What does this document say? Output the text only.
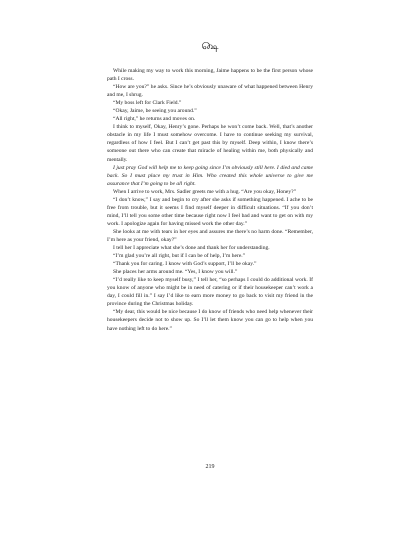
௸

While making my way to work this morning, Jaime happens to be the first person whose path I cross.

“How are you?” he asks. Since he’s obviously unaware of what happened between Henry and me, I shrug.

“My boss left for Clark Field.”

“Okay, Jaime, be seeing you around.”

“All right,” he returns and moves on.

I think to myself, Okay, Henry’s gone. Perhaps he won’t come back. Well, that’s another obstacle in my life I must somehow overcome. I have to continue seeking my survival, regardless of how I feel. But I can’t get past this by myself. Deep within, I know there’s someone out there who can create that miracle of healing within me, both physically and mentally.

I just pray God will help me to keep going since I’m obviously still here. I died and came back. So I must place my trust in Him. Who created this whole universe to give me assurance that I’m going to be all right.

When I arrive to work, Mrs. Sadler greets me with a hug. “Are you okay, Honey?”

“I don’t know,” I say and begin to cry after she asks if something happened. I ache to be free from trouble, but it seems I find myself deeper in difficult situations. “If you don’t mind, I’ll tell you some other time because right now I feel bad and want to get on with my work. I apologize again for having missed work the other day.”

She looks at me with tears in her eyes and assures me there’s no harm done. “Remember, I’m here as your friend, okay?”

I tell her I appreciate what she’s done and thank her for understanding.

“I’m glad you’re all right, but if I can be of help, I’m here.”

“Thank you for caring. I know with God’s support, I’ll be okay.”

She places her arms around me. “Yes, I know you will.”

“I’d really like to keep myself busy,” I tell her, “so perhaps I could do additional work. If you know of anyone who might be in need of catering or if their housekeeper can’t work a day, I could fill in.” I say I’d like to earn more money to go back to visit my friend in the province during the Christmas holiday.

“My dear, this would be nice because I do know of friends who need help whenever their housekeepers decide not to show up. So I’ll let them know you can go to help when you have nothing left to do here.”

219
